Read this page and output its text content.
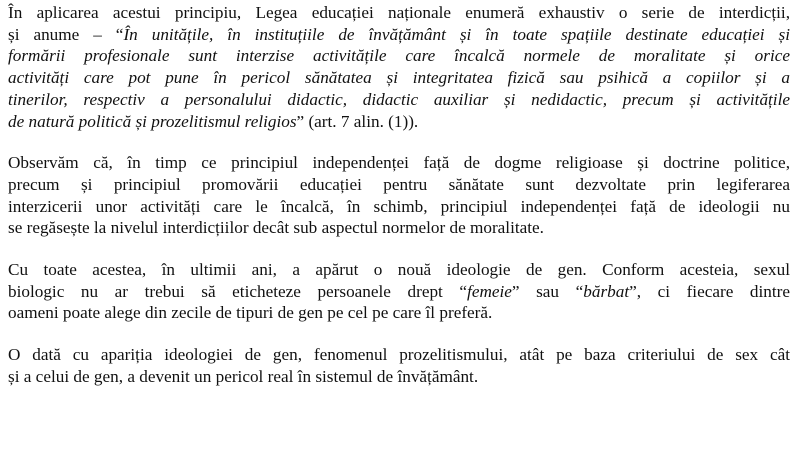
În aplicarea acestui principiu, Legea educației naționale enumeră exhaustiv o serie de interdicții,
și anume – “În unitățile, în instituțiile de învățământ și în toate spațiile destinate educației și
formării profesionale sunt interzise activitățile care încalcă normele de moralitate și orice
activități care pot pune în pericol sănătatea și integritatea fizică sau psihică a copiilor și a
tinerilor, respectiv a personalului didactic, didactic auxiliar și nedidactic, precum și activitățile
de natură politică și prozelitismul religios” (art. 7 alin. (1)).

Observăm că, în timp ce principiul independenței față de dogme religioase și doctrine politice,
precum și principiul promovării educației pentru sănătate sunt dezvoltate prin legiferarea
interzicerii unor activități care le încalcă, în schimb, principiul independenței față de ideologii nu
se regăsește la nivelul interdicțiilor decât sub aspectul normelor de moralitate.

Cu toate acestea, în ultimii ani, a apărut o nouă ideologie de gen. Conform acesteia, sexul
biologic nu ar trebui să eticheteze persoanele drept “femeie” sau “bărbat”, ci fiecare dintre
oameni poate alege din zecile de tipuri de gen pe cel pe care îl preferă.

O dată cu apariția ideologiei de gen, fenomenul prozelitismului, atât pe baza criteriului de sex cât
și a celui de gen, a devenit un pericol real în sistemul de învățământ.
